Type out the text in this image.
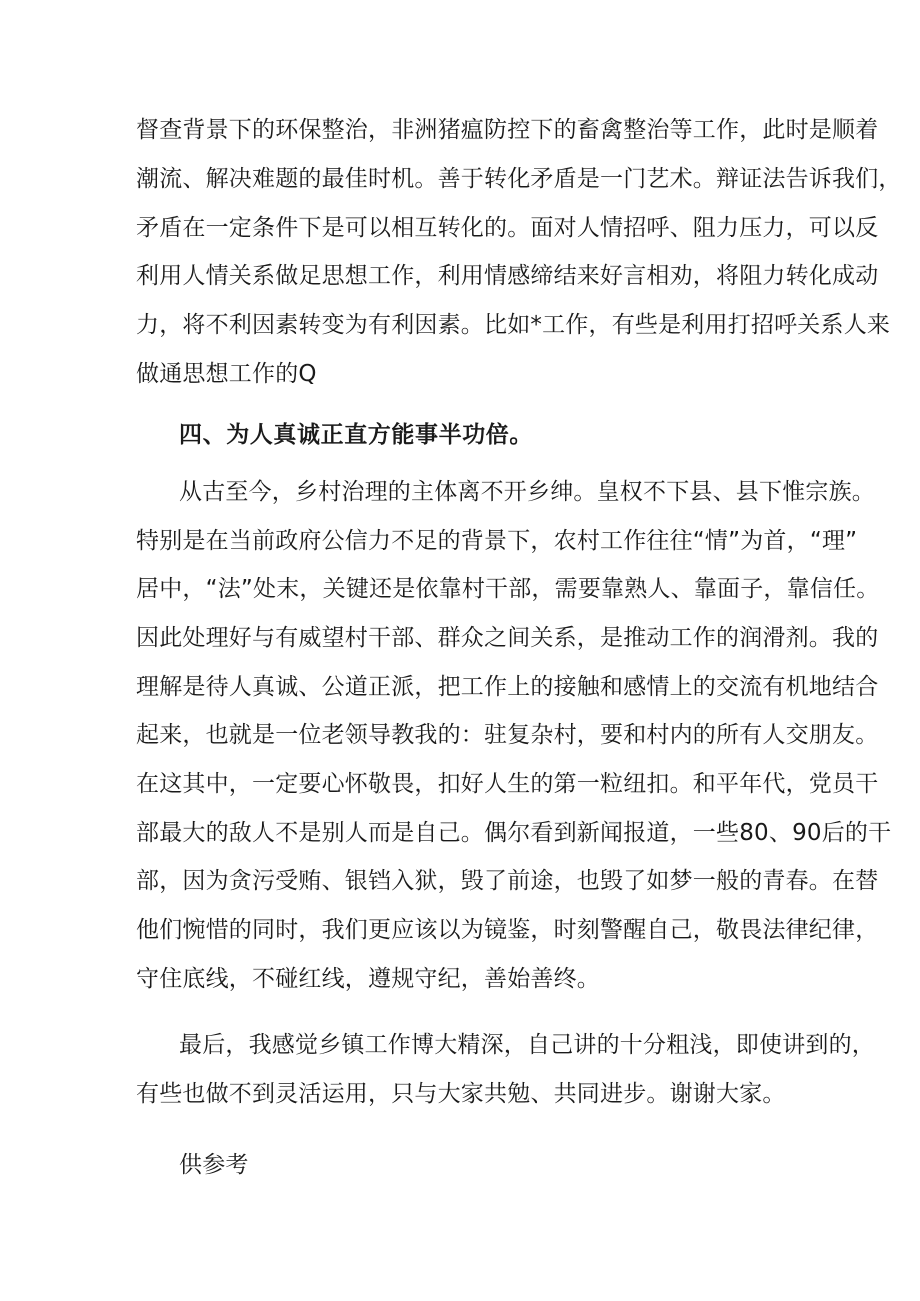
督查背景下的环保整治，非洲猪瘟防控下的畜禽整治等工作，此时是顺着
潮流、解决难题的最佳时机。善于转化矛盾是一门艺术。辩证法告诉我们，
矛盾在一定条件下是可以相互转化的。面对人情招呼、阻力压力，可以反
利用人情关系做足思想工作，利用情感缔结来好言相劝，将阻力转化成动
力，将不利因素转变为有利因素。比如*工作，有些是利用打招呼关系人来
做通思想工作的Q
四、为人真诚正直方能事半功倍。
从古至今，乡村治理的主体离不开乡绅。皇权不下县、县下惟宗族。
特别是在当前政府公信力不足的背景下，农村工作往往“情”为首，“理”
居中，“法”处末，关键还是依靠村干部，需要靠熟人、靠面子，靠信任。
因此处理好与有威望村干部、群众之间关系，是推动工作的润滑剂。我的
理解是待人真诚、公道正派，把工作上的接触和感情上的交流有机地结合
起来，也就是一位老领导教我的：驻复杂村，要和村内的所有人交朋友。
在这其中，一定要心怀敬畏，扣好人生的第一粒纽扣。和平年代，党员干
部最大的敌人不是别人而是自己。偶尔看到新闻报道，一些80、90后的干
部，因为贪污受贿、银铛入狱，毁了前途，也毁了如梦一般的青春。在替
他们惋惜的同时，我们更应该以为镜鉴，时刻警醒自己，敬畏法律纪律，
守住底线，不碰红线，遵规守纪，善始善终。
最后，我感觉乡镇工作博大精深，自己讲的十分粗浅，即使讲到的，
有些也做不到灵活运用，只与大家共勉、共同进步。谢谢大家。
供参考
